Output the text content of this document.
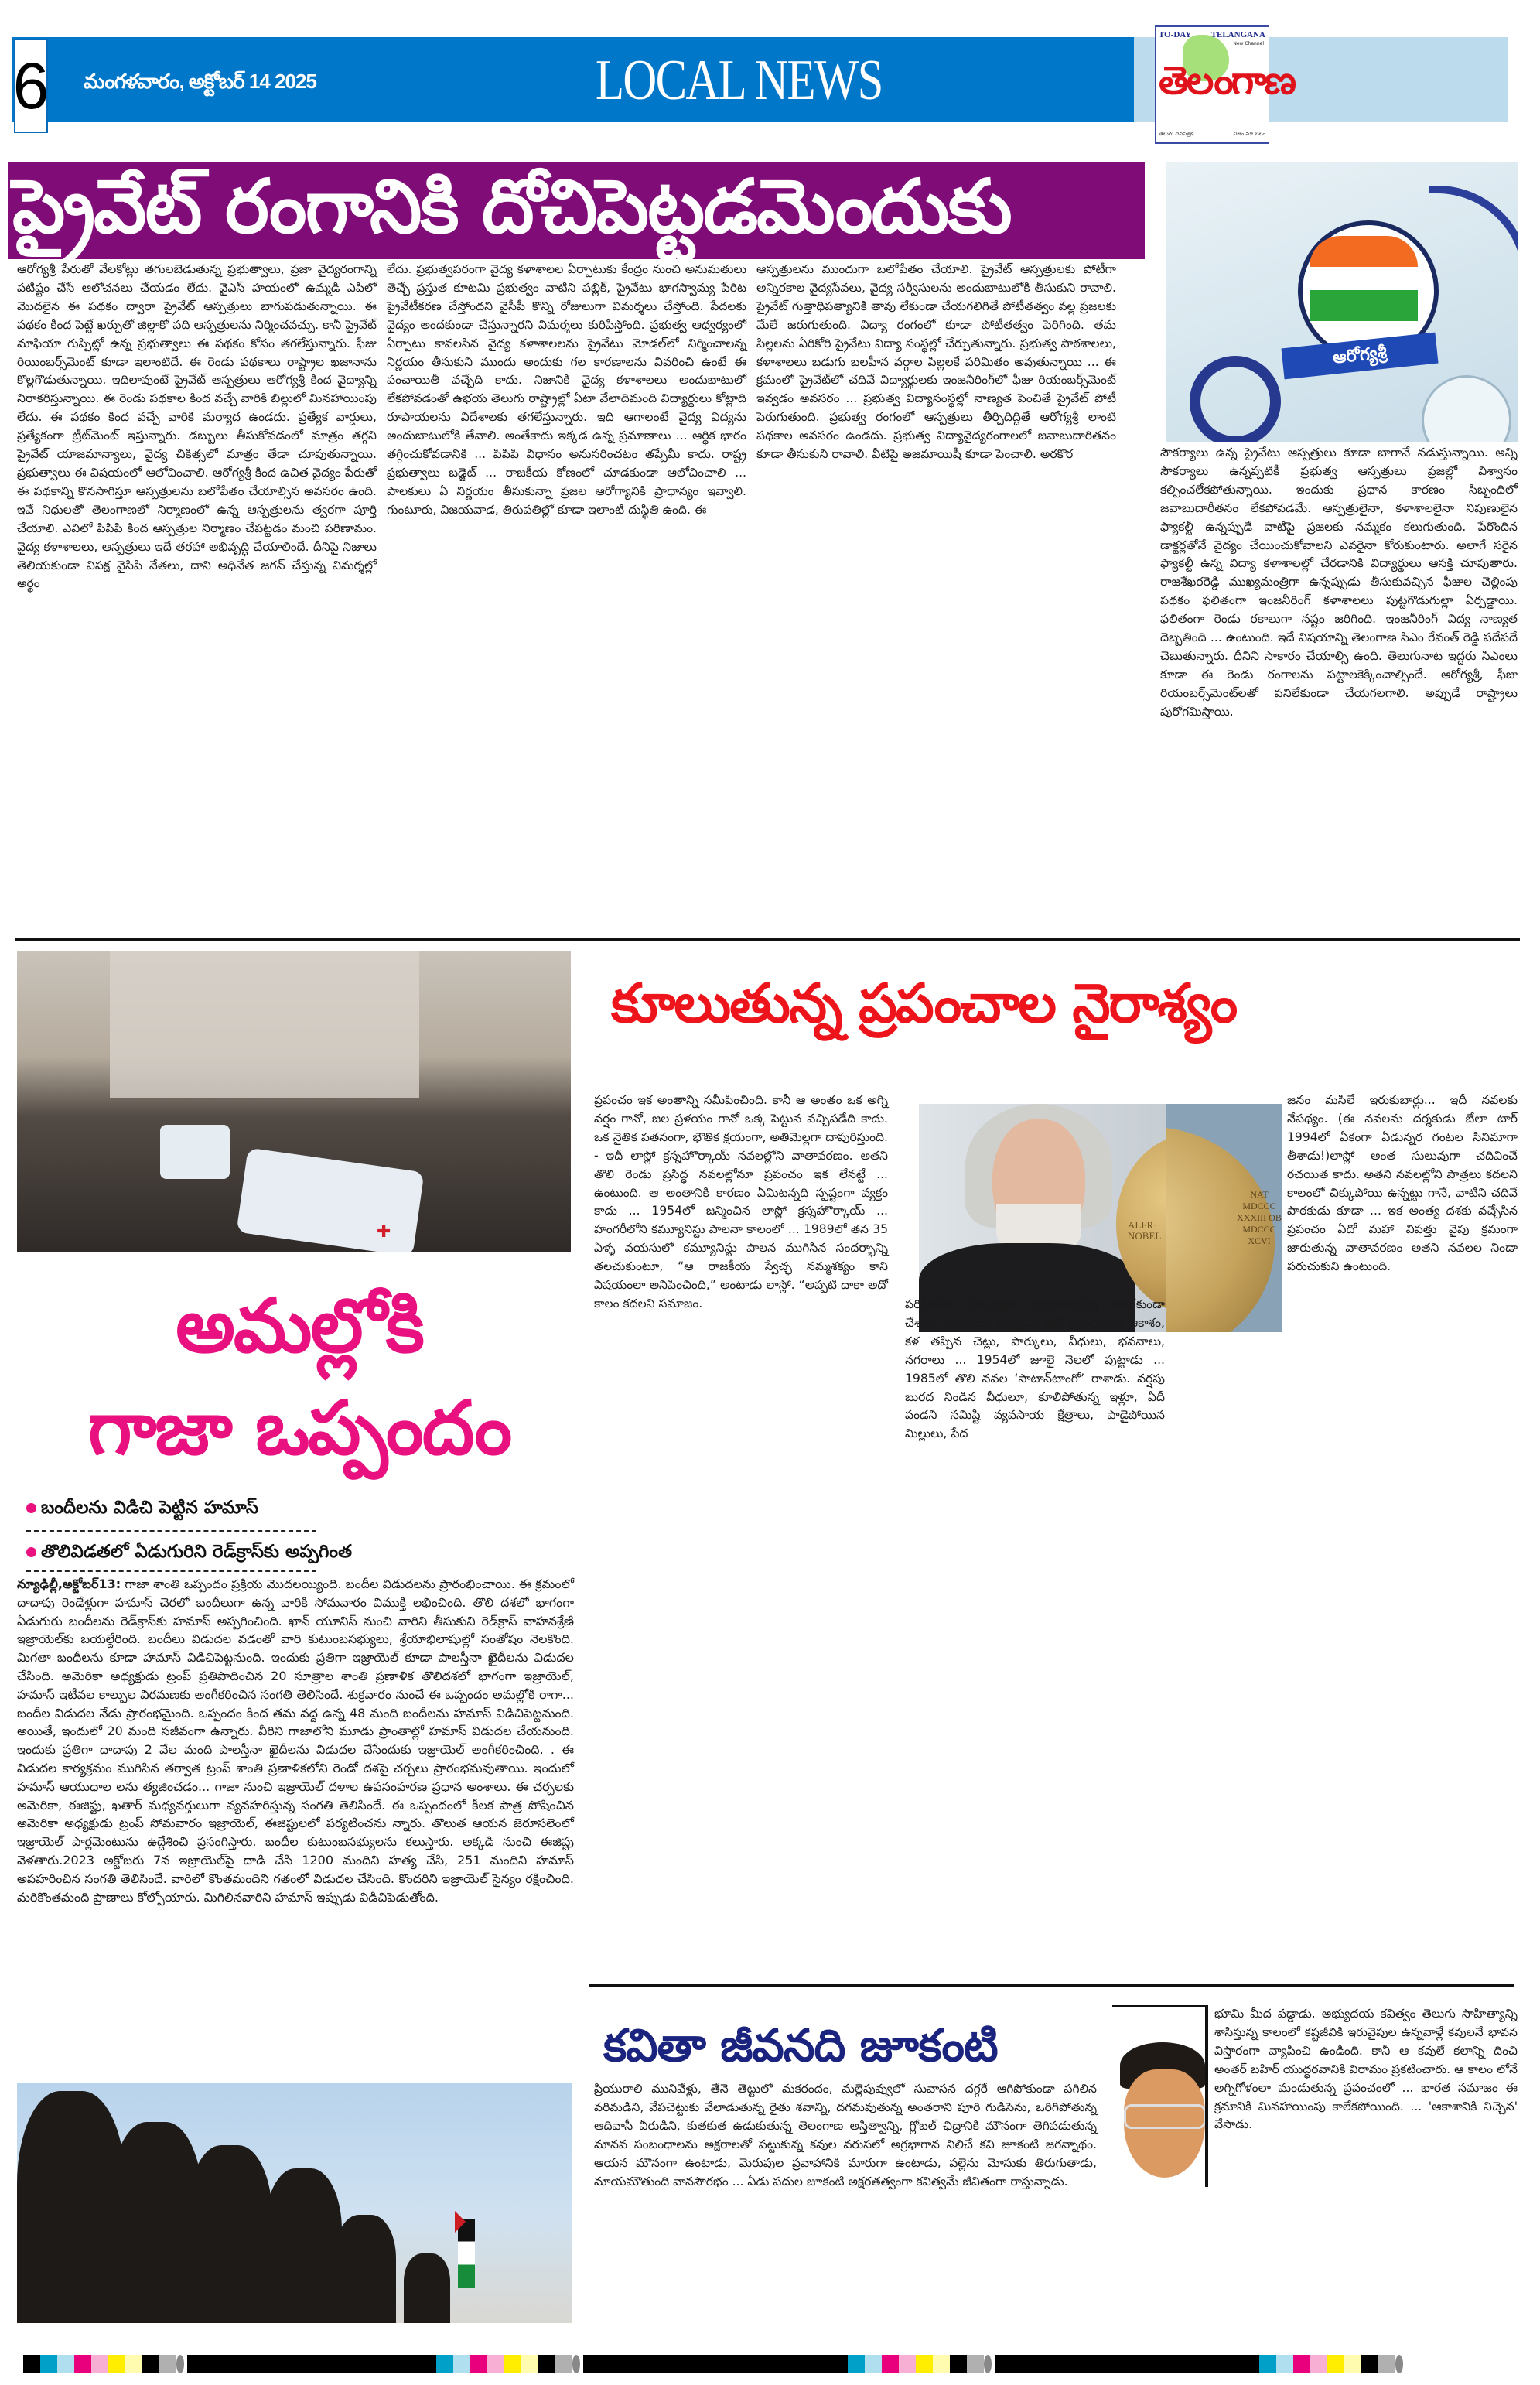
6 మంగళవారం, అక్టోబర్ 14 2025	LOCAL NEWS
TO-DAY TELANGANA
New Channel
తెలంగాణ
తెలుగు దినపత్రిక	నిజం మా బలం
ప్రైవేట్ రంగానికి దోచిపెట్టడమెందుకు
ఆరోగ్యశ్రీ

ఆరోగ్యశ్రీ పేరుతో వేలకోట్లు తగులబెడుతున్న ప్రభుత్వాలు, ప్రజా వైద్యరంగాన్ని పటిష్టం చేసే ఆలోచనలు చేయడం లేదు. వైఎస్ హయంలో ఉమ్మడి ఎపిలో మొదలైన ఈ పథకం ద్వారా ప్రైవేట్ ఆస్పత్రులు బాగుపడుతున్నాయి. ఈ పథకం కింద పెట్టే ఖర్చుతో జిల్లాకో పది ఆస్పత్రులను నిర్మించవచ్చు. కానీ ప్రైవేట్ మాఫియా గుప్పిట్లో ఉన్న ప్రభుత్వాలు ఈ పథకం కోసం తగలేస్తున్నారు. ఫీజు రియింబర్స్‌మెంట్ కూడా ఇలాంటిదే. ఈ రెండు పథకాలు రాష్ట్రాల ఖజానాను కొల్లగొడుతున్నాయి. ఇదిలావుంటే ప్రైవేట్ ఆస్పత్రులు ఆరోగ్యశ్రీ కింద వైద్యాన్ని నిరాకరిస్తున్నాయి. ఈ రెండు పథకాల కింద వచ్చే వారికి బిల్లులో మినహాయింపు లేదు. ఈ పథకం కింద వచ్చే వారికి మర్యాద ఉండదు. ప్రత్యేక వార్డులు, ప్రత్యేకంగా ట్రీట్‌మెంట్ ఇస్తున్నారు. డబ్బులు తీసుకోవడంలో మాత్రం తగ్గని ప్రైవేట్ యాజమాన్యాలు, వైద్య చికిత్సలో మాత్రం తేడా చూపుతున్నాయి. ప్రభుత్వాలు ఈ విషయంలో ఆలోచించాలి. ఆరోగ్యశ్రీ కింద ఉచిత వైద్యం పేరుతో ఈ పథకాన్ని కొనసాగిస్తూ ఆస్పత్రులను బలోపేతం చేయాల్సిన అవసరం ఉంది. ఇవే నిధులతో తెలంగాణలో నిర్మాణంలో ఉన్న ఆస్పత్రులను త్వరగా పూర్తి చేయాలి. ఎవిలో పిపిపి కింద ఆస్పత్రుల నిర్మాణం చేపట్టడం మంచి పరిణామం. వైద్య కళాశాలలు, ఆస్పత్రులు ఇదే తరహా అభివృద్ధి చేయాలిందే. దీనిపై నిజాలు తెలియకుండా విపక్ష వైసిపి నేతలు, దాని అధినేత జగన్ చేస్తున్న విమర్శల్లో అర్థం

లేదు. ప్రభుత్వపరంగా వైద్య కళాశాలల ఏర్పాటుకు కేంద్రం నుంచి అనుమతులు తెచ్చే ప్రస్తుత కూటమి ప్రభుత్వం వాటిని పబ్లిక్, ప్రైవేటు భాగస్వామ్య పేరిట ప్రైవేటీకరణ చేస్తోందని వైసీపీ కొన్ని రోజులుగా విమర్శలు చేస్తోంది. పేదలకు వైద్యం అందకుండా చేస్తున్నారని విమర్శలు కురిపిస్తోంది. ప్రభుత్వ ఆధ్వర్యంలో ఏర్పాటు కావలసిన వైద్య కళాశాలలను ప్రైవేటు మోడల్‌లో నిర్మించాలన్న నిర్ణయం తీసుకుని ముందు అందుకు గల కారణాలను వివరించి ఉంటే ఈ పంచాయితీ వచ్చేది కాదు. నిజానికి వైద్య కళాశాలలు అందుబాటులో లేకపోవడంతో ఉభయ తెలుగు రాష్ట్రాల్లో ఏటా వేలాదిమంది విద్యార్థులు కోట్లాది రూపాయలను విదేశాలకు తగలేస్తున్నారు. ఇది ఆగాలంటే వైద్య విద్యను అందుబాటులోకి తేవాలి. అంతేకాదు ఇక్కడ ఉన్న ప్రమాణాలు ... ఆర్థిక భారం తగ్గించుకోవడానికి ... పిపిపి విధానం అనుసరించటం తప్పేమీ కాదు. రాష్ట్ర ప్రభుత్వాలు బడ్జెట్ ... రాజకీయ కోణంలో చూడకుండా ఆలోచించాలి ... పాలకులు ఏ నిర్ణయం తీసుకున్నా ప్రజల ఆరోగ్యానికి ప్రాధాన్యం ఇవ్వాలి. గుంటూరు, విజయవాడ, తిరుపతిల్లో కూడా ఇలాంటి దుస్థితి ఉంది. ఈ

ఆస్పత్రులను ముందుగా బలోపేతం చేయాలి. ప్రైవేట్ ఆస్పత్రులకు పోటీగా అన్నిరకాల వైద్యసేవలు, వైద్య సర్వీసులను అందుబాటులోకి తీసుకుని రావాలి. ప్రైవేట్ గుత్తాధిపత్యానికి తావు లేకుండా చేయగలిగితే పోటీతత్వం వల్ల ప్రజలకు మేలే జరుగుతుంది. విద్యా రంగంలో కూడా పోటీతత్వం పెరిగింది. తమ పిల్లలను ఏరికోరి ప్రైవేటు విద్యా సంస్థల్లో చేర్పుతున్నారు. ప్రభుత్వ పాఠశాలలు, కళాశాలలు బడుగు బలహీన వర్గాల పిల్లలకే పరిమితం అవుతున్నాయి ... ఈ క్రమంలో ప్రైవేట్‌లో చదివే విద్యార్థులకు ఇంజనీరింగ్‌లో ఫీజు రియంబర్స్‌మెంట్ ఇవ్వడం అవసరం ... ప్రభుత్వ విద్యాసంస్థల్లో నాణ్యత పెంచితే ప్రైవేట్ పోటీ పెరుగుతుంది. ప్రభుత్వ రంగంలో ఆస్పత్రులు తీర్చిదిద్దితే ఆరోగ్యశ్రీ లాంటి పథకాల అవసరం ఉండదు. ప్రభుత్వ విద్యావైద్యరంగాలలో జవాబుదారితనం కూడా తీసుకుని రావాలి. వీటిపై అజమాయిషీ కూడా పెంచాలి. అరకొర	సౌకర్యాలు ఉన్న ప్రైవేటు ఆస్పత్రులు కూడా బాగానే నడుస్తున్నాయి. అన్ని సౌకర్యాలు ఉన్నప్పటికీ ప్రభుత్వ ఆస్పత్రులు ప్రజల్లో విశ్వాసం కల్పించలేకపోతున్నాయి. ఇందుకు ప్రధాన కారణం సిబ్బందిలో జవాబుదారీతనం లేకపోవడమే. ఆస్పత్రులైనా, కళాశాలలైనా నిపుణులైన ఫ్యాకల్టీ ఉన్నప్పుడే వాటిపై ప్రజలకు నమ్మకం కలుగుతుంది. పేరొందిన డాక్టర్లతోనే వైద్యం చేయించుకోవాలని ఎవరైనా కోరుకుంటారు. అలాగే సరైన ఫ్యాకల్టీ ఉన్న విద్యా కళాశాలల్లో చేరడానికి విద్యార్థులు ఆసక్తి చూపుతారు. రాజశేఖరరెడ్డి ముఖ్యమంత్రిగా ఉన్నప్పుడు తీసుకువచ్చిన ఫీజుల చెల్లింపు పథకం ఫలితంగా ఇంజనీరింగ్ కళాశాలలు పుట్టగొడుగుల్లా ఏర్పడ్డాయి. ఫలితంగా రెండు రకాలుగా నష్టం జరిగింది. ఇంజనీరింగ్ విద్య నాణ్యత దెబ్బతింది ... ఉంటుంది. ఇదే విషయాన్ని తెలంగాణ సిఎం రేవంత్ రెడ్డి పదేపదే చెబుతున్నారు. దీనిని సాకారం చేయాల్సి ఉంది. తెలుగునాట ఇద్దరు సిఎంలు కూడా ఈ రెండు రంగాలను పట్టాలకెక్కించాల్సిందే. ఆరోగ్యశ్రీ, ఫీజు రియంబర్స్‌మెంట్‌లతో పనిలేకుండా చేయగలగాలి. అప్పుడే రాష్ట్రాలు పురోగమిస్తాయి.

✚
అమల్లోకి
గాజా ఒప్పందం
బందీలను విడిచి పెట్టిన హమాస్
తొలివిడతలో ఏడుగురిని రెడ్‌క్రాస్‌కు అప్పగింత

న్యూఢిల్లీ,అక్టోబర్13: గాజా శాంతి ఒప్పందం ప్రక్రియ మొదలయ్యింది. బందీల విడుదలను ప్రారంభించాయి. ఈ క్రమంలో దాదాపు రెండేళ్లుగా హమాస్ చెరలో బందీలుగా ఉన్న వారికి సోమవారం విముక్తి లభించింది. తొలి దశలో భాగంగా ఏడుగురు బందీలను రెడ్‌క్రాస్‌కు హమాస్ అప్పగించింది. ఖాన్ యూనిస్ నుంచి వారిని తీసుకుని రెడ్‌క్రాస్ వాహనశ్రేణి ఇజ్రాయెల్‌కు బయల్దేరింది. బందీలు విడుదల వడంతో వారి కుటుంబసభ్యులు, శ్రేయాభిలాషుల్లో సంతోషం నెలకొంది. మిగతా బందీలను కూడా హమాస్ విడిచిపెట్టనుంది. ఇందుకు ప్రతిగా ఇజ్రాయెల్ కూడా పాలస్తీనా ఖైదీలను విడుదల చేసింది. అమెరికా అధ్యక్షుడు ట్రంప్ ప్రతిపాదించిన 20 సూత్రాల శాంతి ప్రణాళిక తొలిదశలో భాగంగా ఇజ్రాయెల్, హమాస్ ఇటీవల కాల్పుల విరమణకు అంగీకరించిన సంగతి తెలిసిందే. శుక్రవారం నుంచే ఈ ఒప్పందం అమల్లోకి రాగా... బందీల విడుదల నేడు ప్రారంభమైంది. ఒప్పందం కింద తమ వద్ద ఉన్న 48 మంది బందీలను హమాస్ విడిచిపెట్టనుంది. అయితే, ఇందులో 20 మంది సజీవంగా ఉన్నారు. వీరిని గాజాలోని మూడు ప్రాంతాల్లో హమాస్ విడుదల చేయనుంది. ఇందుకు ప్రతిగా దాదాపు 2 వేల మంది పాలస్తీనా ఖైదీలను విడుదల చేసేందుకు ఇజ్రాయెల్ అంగీకరించింది. . ఈ విడుదల కార్యక్రమం ముగిసిన తర్వాత ట్రంప్ శాంతి ప్రణాళికలోని రెండో దశపై చర్చలు ప్రారంభమవుతాయి. ఇందులో హమాస్ ఆయుధాల లను త్యజించడం... గాజా నుంచి ఇజ్రాయెల్ దళాల ఉపసంహరణ ప్రధాన అంశాలు. ఈ చర్చలకు అమెరికా, ఈజిప్టు, ఖతార్ మధ్యవర్తులుగా వ్యవహరిస్తున్న సంగతి తెలిసిందే. ఈ ఒప్పందంలో కీలక పాత్ర పోషించిన అమెరికా అధ్యక్షుడు ట్రంప్ సోమవారం ఇజ్రాయెల్, ఈజిప్టులలో పర్యటించను న్నారు. తొలుత ఆయన జెరూసలెంలో ఇజ్రాయెల్ పార్లమెంటును ఉద్దేశించి ప్రసంగిస్తారు. బందీల కుటుంబసభ్యులను కలుస్తారు. అక్కడి నుంచి ఈజిప్టు వెళతారు.2023 అక్టోబరు 7న ఇజ్రాయెల్‌పై దాడి చేసి 1200 మందిని హత్య చేసి, 251 మందిని హమాస్ అపహరించిన సంగతి తెలిసిందే. వారిలో కొంతమందిని గతంలో విడుదల చేసింది. కొందరిని ఇజ్రాయెల్ సైన్యం రక్షించింది. మరికొంతమంది ప్రాణాలు కోల్పోయారు. మిగిలినవారిని హమాస్ ఇప్పుడు విడిచిపెడుతోంది.

కూలుతున్న ప్రపంచాల నైరాశ్యం

ప్రపంచం ఇక అంతాన్ని సమీపించింది. కానీ ఆ అంతం ఒక అగ్ని వర్షం గానో, జల ప్రళయం గానో ఒక్క పెట్టున వచ్చిపడేది కాదు. ఒక నైతిక పతనంగా, భౌతిక క్షయంగా, అతిమెల్లగా దాపురిస్తుంది. - ఇదీ లాస్లో క్రస్నహొర్కాయ్ నవలల్లోని వాతావరణం. అతని తొలి రెండు ప్రసిద్ధ నవలల్లోనూ ప్రపంచం ఇక లేనట్టే ... ఉంటుంది. ఆ అంతానికి కారణం ఏమిటన్నది స్పష్టంగా వ్యక్తం కాదు ... 1954లో జన్మించిన లాస్లో క్రస్నహొర్కాయ్ ... హంగరీలోని కమ్యూనిస్టు పాలనా కాలంలో ... 1989లో తన 35 ఏళ్ళ వయసులో కమ్యూనిస్టు పాలన ముగిసిన సందర్భాన్ని తలచుకుంటూ, “ఆ రాజకీయ స్వేచ్ఛ నమ్మశక్యం కాని విషయంలా అనిపించింది,” అంటాడు లాస్లో. “అప్పటి దాకా అదో కాలం కదలని సమాజం.

ALFR· NOBEL
NAT MDCCC XXXIII OB MDCCC XCVI

పరిస్థితులు ఎప్పటికైనా మారతాయన్న ఆశలేకుండా చేశారు పాలకులు. ఎప్పుడూ ఆవే పొగచూరిన ఆకాశం, కళ తప్పిన చెట్లు, పార్కులు, వీధులు, భవనాలు, నగరాలు ... 1954లో జూలై నెలలో పుట్టాడు ... 1985లో తొలి నవల ‘సాటాన్‌టాంగో’ రాశాడు. వర్షపు బురద నిండిన వీధులూ, కూలిపోతున్న ఇళ్లూ, ఏదీ పండని సమిష్టి వ్యవసాయ క్షేత్రాలు, పాడైపోయిన మిల్లులు, పేద

జనం మసిలే ఇరుకుబార్లు... ఇదీ నవలకు నేపథ్యం. (ఈ నవలను దర్శకుడు బేలా టార్ 1994లో ఏకంగా ఏడున్నర గంటల సినిమాగా తీశాడు!)లాస్లో అంత సులువుగా చదివించే రచయిత కాదు. అతని నవలల్లోని పాత్రలు కదలని కాలంలో చిక్కుపోయి ఉన్నట్టు గానే, వాటిని చదివే పాఠకుడు కూడా ... ఇక అంత్య దశకు వచ్చేసిన ప్రపంచం ఏదో మహా విపత్తు వైపు క్రమంగా జారుతున్న వాతావరణం అతని నవలల నిండా పరుచుకుని ఉంటుంది.

కవితా జీవనది జూకంటి

ప్రియురాలి మునివేళ్లు, తేనె తెట్టులో మకరందం, మల్లెపువ్వులో సువాసన దగ్గరే ఆగిపోకుండా పగిలిన వరిమడిని, వేపచెట్టుకు వేలాడుతున్న రైతు శవాన్ని, దగమవుతున్న అంతరాని పూరి గుడిసెను, ఒరిగిపోతున్న ఆదివాసీ వీరుడిని, కుతకుత ఉడుకుతున్న తెలంగాణ అస్తిత్వాన్ని, గ్లోబల్ ఛిద్రానికి మౌనంగా తెగిపడుతున్న మానవ సంబంధాలను అక్షరాలతో పట్టుకున్న కవుల వరుసలో అగ్రభాగాన నిలిచే కవి జూకంటి జగన్నాథం. ఆయన మౌనంగా ఉంటాడు, మెరుపుల ప్రవాహానికి మారుగా ఉంటాడు, పల్లెను మోసుకు తిరుగుతాడు, మాయమౌతుంది వానసౌరభం ... ఏడు పదుల జూకంటి అక్షరతత్వంగా కవిత్వమే జీవితంగా రాస్తున్నాడు.

భూమి మీద పడ్డాడు. అభ్యుదయ కవిత్వం తెలుగు సాహిత్యాన్ని శాసిస్తున్న కాలంలో కష్టజీవికి ఇరువైపుల ఉన్నవాళ్లే కవులనే భావన విస్తారంగా వ్యాపించి ఉండింది. కానీ ఆ కవులే కలాన్ని దించి అంతర్ బహిర్ యుద్ధరవానికి విరామం ప్రకటించారు. ఆ కాలం లోనే అగ్నిగోళంలా మండుతున్న ప్రపంచంలో ... భారత సమాజం ఈ క్రమానికి మినహాయింపు కాలేకపోయింది. ... 'ఆకాశానికి నిచ్చెన' వేసాడు.
